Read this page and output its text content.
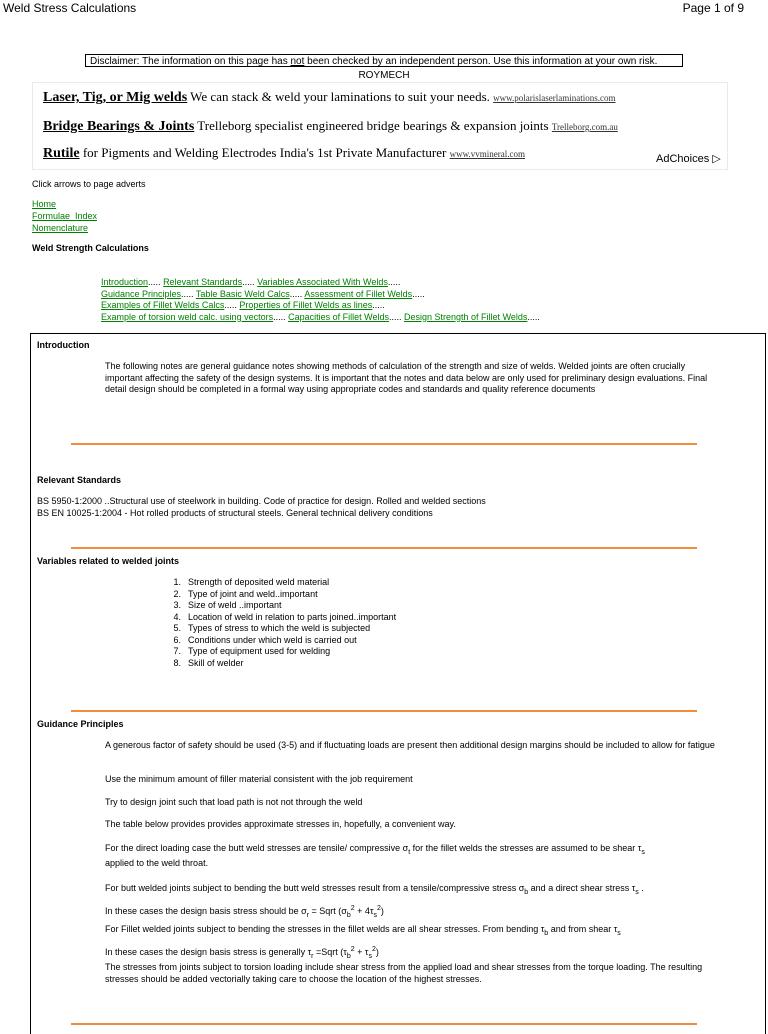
Weld Stress Calculations	Page 1 of 9
Disclaimer: The information on this page has not been checked by an independent person. Use this information at your own risk.
ROYMECH
Laser, Tig, or Mig welds We can stack & weld your laminations to suit your needs. www.polarislaserlaminations.com
Bridge Bearings & Joints Trelleborg specialist engineered bridge bearings & expansion joints Trelleborg.com.au
Rutile for Pigments and Welding Electrodes India's 1st Private Manufacturer www.vvmineral.com	AdChoices ▷
Click arrows to page adverts
Home
Formulae_Index
Nomenclature
Weld Strength Calculations
Introduction..... Relevant Standards..... Variables Associated With Welds.....
Guidance Principles..... Table Basic Weld Calcs..... Assessment of Fillet Welds.....
Examples of Fillet Welds Calcs..... Properties of Fillet Welds as lines.....
Example of torsion weld calc. using vectors..... Capacities of Fillet Welds..... Design Strength of Fillet Welds.....
Introduction
The following notes are general guidance notes showing methods of calculation of the strength and size of welds. Welded joints are often crucially important affecting the safety of the design systems. It is important that the notes and data below are only used for preliminary design evaluations. Final detail design should be completed in a formal way using appropriate codes and standards and quality reference documents
Relevant Standards
BS 5950-1:2000 ..Structural use of steelwork in building. Code of practice for design. Rolled and welded sections
BS EN 10025-1:2004 - Hot rolled products of structural steels. General technical delivery conditions
Variables related to welded joints
1. Strength of deposited weld material
2. Type of joint and weld..important
3. Size of weld ..important
4. Location of weld in relation to parts joined..important
5. Types of stress to which the weld is subjected
6. Conditions under which weld is carried out
7. Type of equipment used for welding
8. Skill of welder
Guidance Principles
A generous factor of safety should be used (3-5) and if fluctuating loads are present then additional design margins should be included to allow for fatigue
Use the minimum amount of filler material consistent with the job requirement
Try to design joint such that load path is not not through the weld
The table below provides provides approximate stresses in, hopefully, a convenient way.
For the direct loading case the butt weld stresses are tensile/ compressive $\sigma_t$ for the fillet welds the stresses are assumed to be shear $\tau_s$
applied to the weld throat.
For butt welded joints subject to bending the butt weld stresses result from a tensile/compressive stress $\sigma_b$ and a direct shear stress $\tau_s$ .
In these cases the design basis stress should be $\sigma_r$ = Sqrt $(\sigma_b^2 + 4\tau_s^2)$
For Fillet welded joints subject to bending the stresses in the fillet welds are all shear stresses. From bending $\tau_b$ and from shear $\tau_s$
In these cases the design basis stress is generally $\tau_r$ =Sqrt $(\tau_b^2 + \tau_s^2)$
The stresses from joints subject to torsion loading include shear stress from the applied load and shear stresses from the torque loading. The resulting stresses should be added vectorially taking care to choose the location of the highest stresses.
